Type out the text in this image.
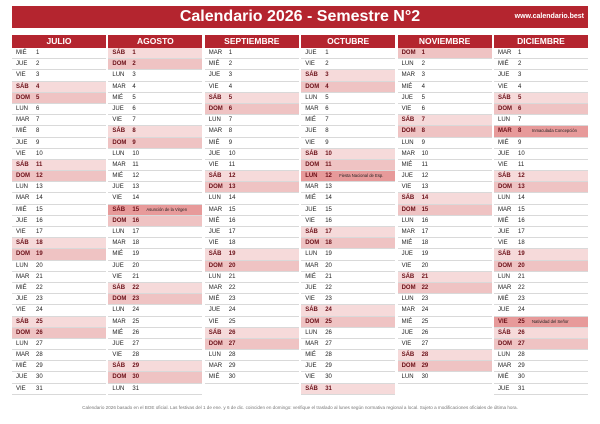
Calendario 2026 - Semestre N°2	www.calendario.best
JULIO
MIÉ	1
JUE	2
VIE	3
SÁB	4
DOM	5
LUN	6
MAR	7
MIÉ	8
JUE	9
VIE	10
SÁB	11
DOM	12
LUN	13
MAR	14
MIÉ	15
JUE	16
VIE	17
SÁB	18
DOM	19
LUN	20
MAR	21
MIÉ	22
JUE	23
VIE	24
SÁB	25
DOM	26
LUN	27
MAR	28
MIÉ	29
JUE	30
VIE	31
AGOSTO
SÁB	1
DOM	2
LUN	3
MAR	4
MIÉ	5
JUE	6
VIE	7
SÁB	8
DOM	9
LUN	10
MAR	11
MIÉ	12
JUE	13
VIE	14
SÁB	15	Asunción de la Virgen
DOM	16
LUN	17
MAR	18
MIÉ	19
JUE	20
VIE	21
SÁB	22
DOM	23
LUN	24
MAR	25
MIÉ	26
JUE	27
VIE	28
SÁB	29
DOM	30
LUN	31
SEPTIEMBRE
MAR	1
MIÉ	2
JUE	3
VIE	4
SÁB	5
DOM	6
LUN	7
MAR	8
MIÉ	9
JUE	10
VIE	11
SÁB	12
DOM	13
LUN	14
MAR	15
MIÉ	16
JUE	17
VIE	18
SÁB	19
DOM	20
LUN	21
MAR	22
MIÉ	23
JUE	24
VIE	25
SÁB	26
DOM	27
LUN	28
MAR	29
MIÉ	30
OCTUBRE
JUE	1
VIE	2
SÁB	3
DOM	4
LUN	5
MAR	6
MIÉ	7
JUE	8
VIE	9
SÁB	10
DOM	11
LUN	12	Fiesta Nacional de Esp.
MAR	13
MIÉ	14
JUE	15
VIE	16
SÁB	17
DOM	18
LUN	19
MAR	20
MIÉ	21
JUE	22
VIE	23
SÁB	24
DOM	25
LUN	26
MAR	27
MIÉ	28
JUE	29
VIE	30
SÁB	31
NOVIEMBRE
DOM	1
LUN	2
MAR	3
MIÉ	4
JUE	5
VIE	6
SÁB	7
DOM	8
LUN	9
MAR	10
MIÉ	11
JUE	12
VIE	13
SÁB	14
DOM	15
LUN	16
MAR	17
MIÉ	18
JUE	19
VIE	20
SÁB	21
DOM	22
LUN	23
MAR	24
MIÉ	25
JUE	26
VIE	27
SÁB	28
DOM	29
LUN	30
DICIEMBRE
MAR	1
MIÉ	2
JUE	3
VIE	4
SÁB	5
DOM	6
LUN	7
MAR	8	Inmaculada Concepción
MIÉ	9
JUE	10
VIE	11
SÁB	12
DOM	13
LUN	14
MAR	15
MIÉ	16
JUE	17
VIE	18
SÁB	19
DOM	20
LUN	21
MAR	22
MIÉ	23
JUE	24
VIE	25	Natividad del Señor
SÁB	26
DOM	27
LUN	28
MAR	29
MIÉ	30
JUE	31
Calendario 2026 basado en el BOE oficial. Las festivas del 1 de ene. y 6 de dic. coinciden en domingo: verifique el traslado al lunes según normativa regional a local. Sujeto a modificaciones oficiales de última hora.
